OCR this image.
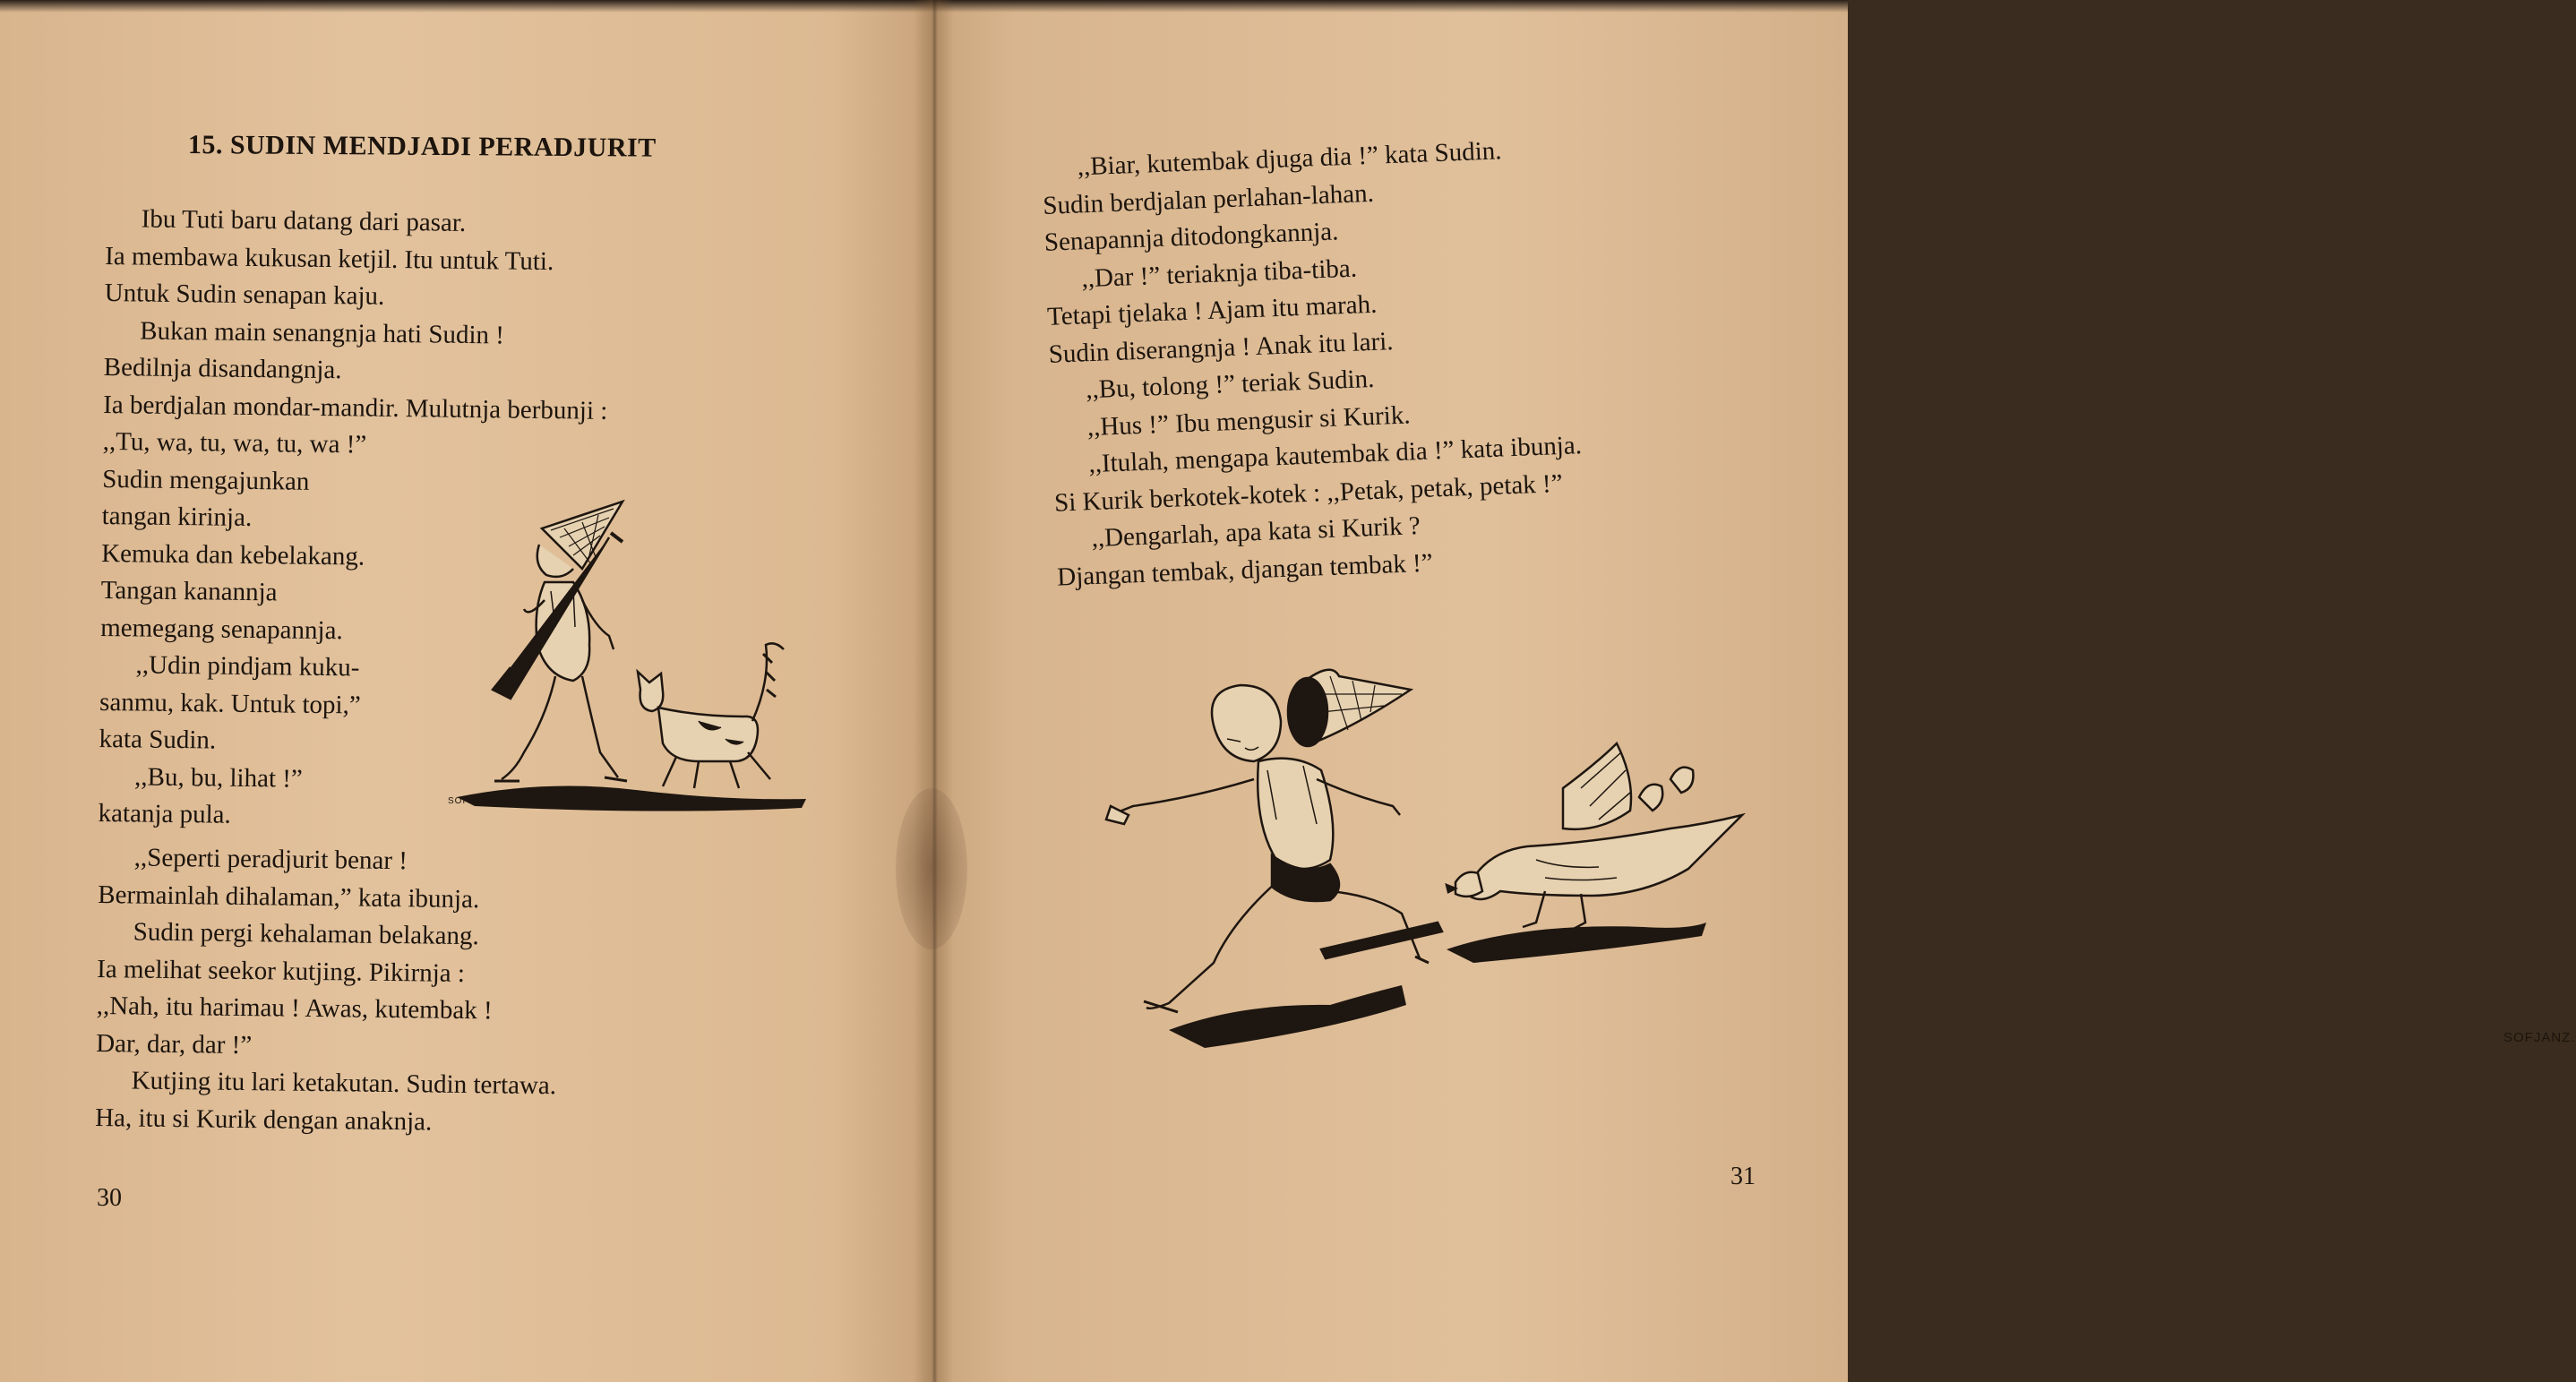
15. SUDIN MENDJADI PERADJURIT
Ibu Tuti baru datang dari pasar.
Ia membawa kukusan ketjil. Itu untuk Tuti.
Untuk Sudin senapan kaju.
Bukan main senangnja hati Sudin !
Bedilnja disandangnja.
Ia berdjalan mondar-mandir. Mulutnja berbunji :
,,Tu, wa, tu, wa, tu, wa !”
Sudin mengajunkan
tangan kirinja.
Kemuka dan kebelakang.
Tangan kanannja
memegang senapannja.
,,Udin pindjam kuku-
sanmu, kak. Untuk topi,”
kata Sudin.
,,Bu, bu, lihat !”
katanja pula.	SOFJANZ
,,Seperti peradjurit benar !
Bermainlah dihalaman,” kata ibunja.
Sudin pergi kehalaman belakang.
Ia melihat seekor kutjing. Pikirnja :
,,Nah, itu harimau ! Awas, kutembak !
Dar, dar, dar !”
Kutjing itu lari ketakutan. Sudin tertawa.
Ha, itu si Kurik dengan anaknja.
30
,,Biar, kutembak djuga dia !” kata Sudin.
Sudin berdjalan perlahan-lahan.
Senapannja ditodongkannja.
,,Dar !” teriaknja tiba-tiba.
Tetapi tjelaka ! Ajam itu marah.
Sudin diserangnja ! Anak itu lari.
,,Bu, tolong !” teriak Sudin.
,,Hus !” Ibu mengusir si Kurik.
,,Itulah, mengapa kautembak dia !” kata ibunja.
Si Kurik berkotek-kotek : ,,Petak, petak, petak !”
,,Dengarlah, apa kata si Kurik ?
Djangan tembak, djangan tembak !”
SOFJANZ.
31
